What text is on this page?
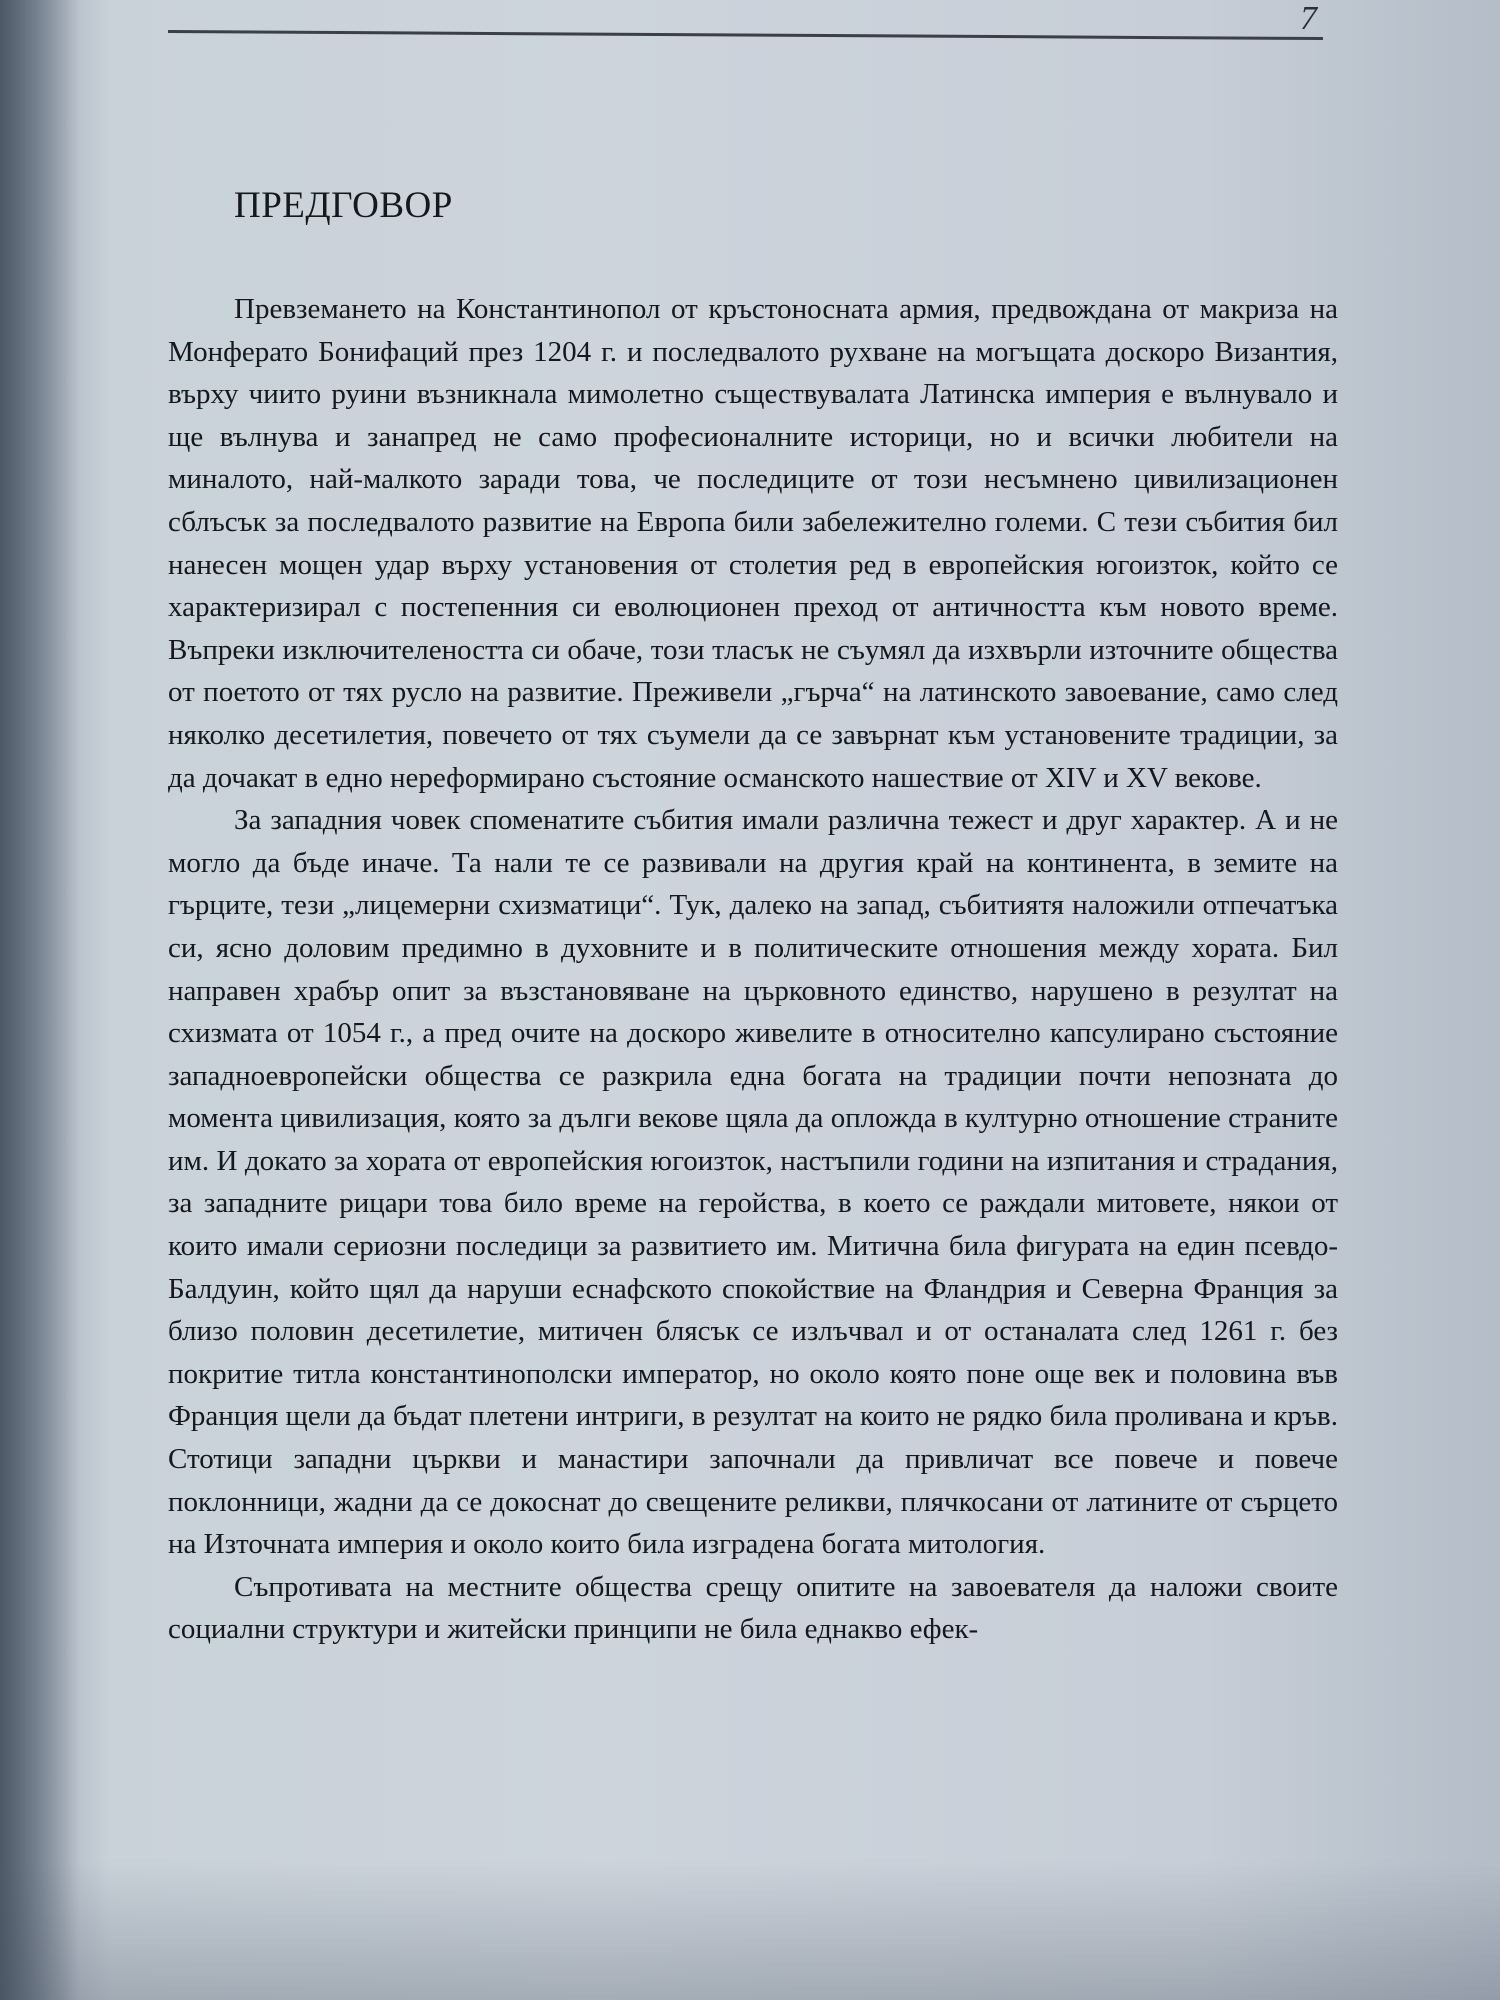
7
ПРЕДГОВОР

Превземането на Константинопол от кръстоносната армия, предвождана от макриза на Монферато Бонифаций през 1204 г. и последвалото рухване на могъщата доскоро Византия, върху чиито руини възникнала мимолетно съществувалата Латинска империя е вълнувало и ще вълнува и занапред не само професионалните историци, но и всички любители на миналото, най-малкото заради това, че последиците от този несъмнено цивилизационен сблъсък за последвалото развитие на Европа били забележително големи. С тези събития бил нанесен мощен удар върху установения от столетия ред в европейския югоизток, който се характеризирал с постепенния си еволюционен преход от античността към новото време. Въпреки изключителеността си обаче, този тласък не съумял да изхвърли източните общества от поетото от тях русло на развитие. Преживели „гърча“ на латинското завоевание, само след няколко десетилетия, повечето от тях съумели да се завърнат към установените традиции, за да дочакат в едно нереформирано състояние османското нашествие от XIV и XV векове.

За западния човек споменатите събития имали различна тежест и друг характер. А и не могло да бъде иначе. Та нали те се развивали на другия край на континента, в земите на гърците, тези „лицемерни схизматици“. Тук, далеко на запад, събитиятя наложили отпечатъка си, ясно доловим предимно в духовните и в политическите отношения между хората. Бил направен храбър опит за възстановяване на църковното единство, нарушено в резултат на схизмата от 1054 г., а пред очите на доскоро живелите в относително капсулирано състояние западноевропейски общества се разкрила една богата на традиции почти непозната до момента цивилизация, която за дълги векове щяла да опложда в културно отношение страните им. И докато за хората от европейския югоизток, настъпили години на изпитания и страдания, за западните рицари това било време на геройства, в което се раждали митовете, някои от които имали сериозни последици за развитието им. Митична била фигурата на един псевдо-Балдуин, който щял да наруши еснафското спокойствие на Фландрия и Северна Франция за близо половин десетилетие, митичен блясък се излъчвал и от останалата след 1261 г. без покритие титла константинополски император, но около която поне още век и половина във Франция щели да бъдат плетени интриги, в резултат на които не рядко била проливана и кръв. Стотици западни църкви и манастири започнали да привличат все повече и повече поклонници, жадни да се докоснат до свещените реликви, плячкосани от латините от сърцето на Източната империя и около които била изградена богата митология.

Съпротивата на местните общества срещу опитите на завоевателя да наложи своите социални структури и житейски принципи не била еднакво ефек-
